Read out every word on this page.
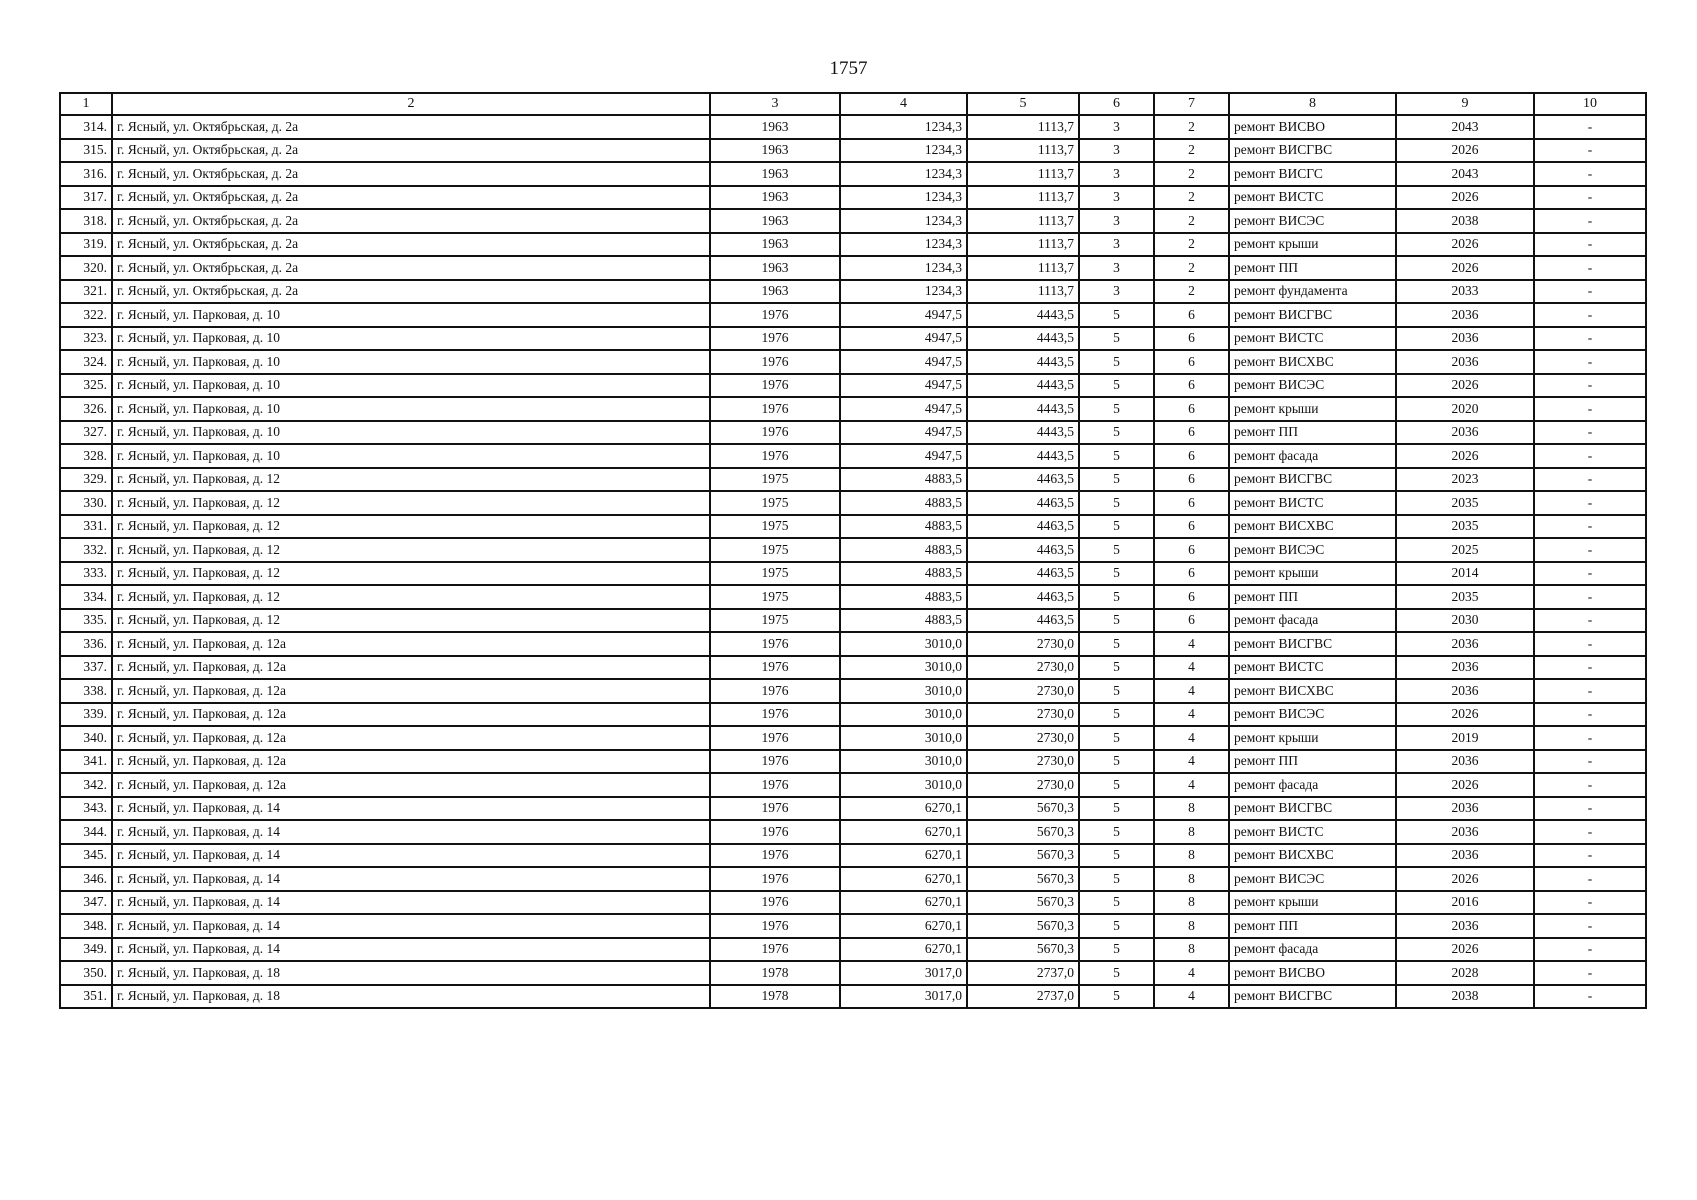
1757
1	2	3	4	5	6	7	8	9	10
314.	г. Ясный, ул. Октябрьская, д. 2а	1963	1234,3	1113,7	3	2	ремонт ВИСВО	2043	-
315.	г. Ясный, ул. Октябрьская, д. 2а	1963	1234,3	1113,7	3	2	ремонт ВИСГВС	2026	-
316.	г. Ясный, ул. Октябрьская, д. 2а	1963	1234,3	1113,7	3	2	ремонт ВИСГС	2043	-
317.	г. Ясный, ул. Октябрьская, д. 2а	1963	1234,3	1113,7	3	2	ремонт ВИСТС	2026	-
318.	г. Ясный, ул. Октябрьская, д. 2а	1963	1234,3	1113,7	3	2	ремонт ВИСЭС	2038	-
319.	г. Ясный, ул. Октябрьская, д. 2а	1963	1234,3	1113,7	3	2	ремонт крыши	2026	-
320.	г. Ясный, ул. Октябрьская, д. 2а	1963	1234,3	1113,7	3	2	ремонт ПП	2026	-
321.	г. Ясный, ул. Октябрьская, д. 2а	1963	1234,3	1113,7	3	2	ремонт фундамента	2033	-
322.	г. Ясный, ул. Парковая, д. 10	1976	4947,5	4443,5	5	6	ремонт ВИСГВС	2036	-
323.	г. Ясный, ул. Парковая, д. 10	1976	4947,5	4443,5	5	6	ремонт ВИСТС	2036	-
324.	г. Ясный, ул. Парковая, д. 10	1976	4947,5	4443,5	5	6	ремонт ВИСХВС	2036	-
325.	г. Ясный, ул. Парковая, д. 10	1976	4947,5	4443,5	5	6	ремонт ВИСЭС	2026	-
326.	г. Ясный, ул. Парковая, д. 10	1976	4947,5	4443,5	5	6	ремонт крыши	2020	-
327.	г. Ясный, ул. Парковая, д. 10	1976	4947,5	4443,5	5	6	ремонт ПП	2036	-
328.	г. Ясный, ул. Парковая, д. 10	1976	4947,5	4443,5	5	6	ремонт фасада	2026	-
329.	г. Ясный, ул. Парковая, д. 12	1975	4883,5	4463,5	5	6	ремонт ВИСГВС	2023	-
330.	г. Ясный, ул. Парковая, д. 12	1975	4883,5	4463,5	5	6	ремонт ВИСТС	2035	-
331.	г. Ясный, ул. Парковая, д. 12	1975	4883,5	4463,5	5	6	ремонт ВИСХВС	2035	-
332.	г. Ясный, ул. Парковая, д. 12	1975	4883,5	4463,5	5	6	ремонт ВИСЭС	2025	-
333.	г. Ясный, ул. Парковая, д. 12	1975	4883,5	4463,5	5	6	ремонт крыши	2014	-
334.	г. Ясный, ул. Парковая, д. 12	1975	4883,5	4463,5	5	6	ремонт ПП	2035	-
335.	г. Ясный, ул. Парковая, д. 12	1975	4883,5	4463,5	5	6	ремонт фасада	2030	-
336.	г. Ясный, ул. Парковая, д. 12а	1976	3010,0	2730,0	5	4	ремонт ВИСГВС	2036	-
337.	г. Ясный, ул. Парковая, д. 12а	1976	3010,0	2730,0	5	4	ремонт ВИСТС	2036	-
338.	г. Ясный, ул. Парковая, д. 12а	1976	3010,0	2730,0	5	4	ремонт ВИСХВС	2036	-
339.	г. Ясный, ул. Парковая, д. 12а	1976	3010,0	2730,0	5	4	ремонт ВИСЭС	2026	-
340.	г. Ясный, ул. Парковая, д. 12а	1976	3010,0	2730,0	5	4	ремонт крыши	2019	-
341.	г. Ясный, ул. Парковая, д. 12а	1976	3010,0	2730,0	5	4	ремонт ПП	2036	-
342.	г. Ясный, ул. Парковая, д. 12а	1976	3010,0	2730,0	5	4	ремонт фасада	2026	-
343.	г. Ясный, ул. Парковая, д. 14	1976	6270,1	5670,3	5	8	ремонт ВИСГВС	2036	-
344.	г. Ясный, ул. Парковая, д. 14	1976	6270,1	5670,3	5	8	ремонт ВИСТС	2036	-
345.	г. Ясный, ул. Парковая, д. 14	1976	6270,1	5670,3	5	8	ремонт ВИСХВС	2036	-
346.	г. Ясный, ул. Парковая, д. 14	1976	6270,1	5670,3	5	8	ремонт ВИСЭС	2026	-
347.	г. Ясный, ул. Парковая, д. 14	1976	6270,1	5670,3	5	8	ремонт крыши	2016	-
348.	г. Ясный, ул. Парковая, д. 14	1976	6270,1	5670,3	5	8	ремонт ПП	2036	-
349.	г. Ясный, ул. Парковая, д. 14	1976	6270,1	5670,3	5	8	ремонт фасада	2026	-
350.	г. Ясный, ул. Парковая, д. 18	1978	3017,0	2737,0	5	4	ремонт ВИСВО	2028	-
351.	г. Ясный, ул. Парковая, д. 18	1978	3017,0	2737,0	5	4	ремонт ВИСГВС	2038	-
